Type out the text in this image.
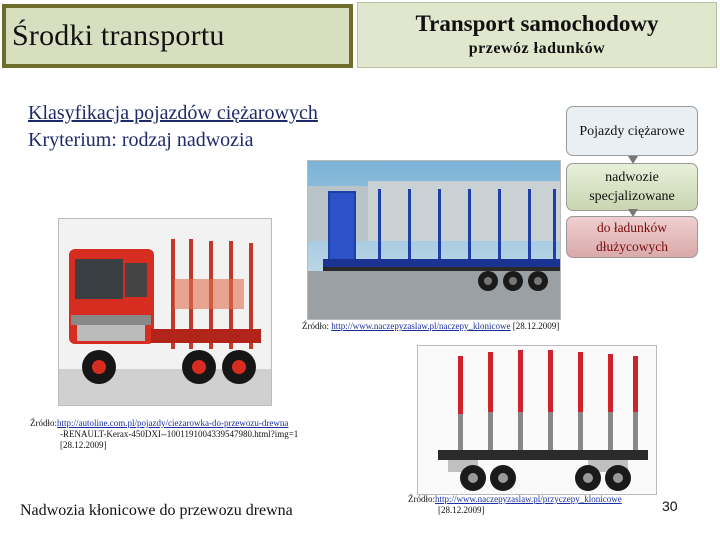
Środki transportu	Transport samochodowy
przewóz ładunków
Klasyfikacja pojazdów ciężarowych
Kryterium: rodzaj nadwozia	Pojazdy ciężarowe
nadwozie specjalizowane
do ładunków dłużycowych
Źródło: http://www.naczepyzaslaw.pl/naczepy_klonicowe [28.12.2009]
Źródło:http://autoline.com.pl/pojazdy/ciezarowka-do-przewozu-drewna
-RENAULT-Kerax-450DXI--1001191004339547980.html?img=1
[28.12.2009]
Źródło:http://www.naczepyzaslaw.pl/przyczepy_klonicowe
[28.12.2009]
Nadwozia kłonicowe do przewozu drewna	30
